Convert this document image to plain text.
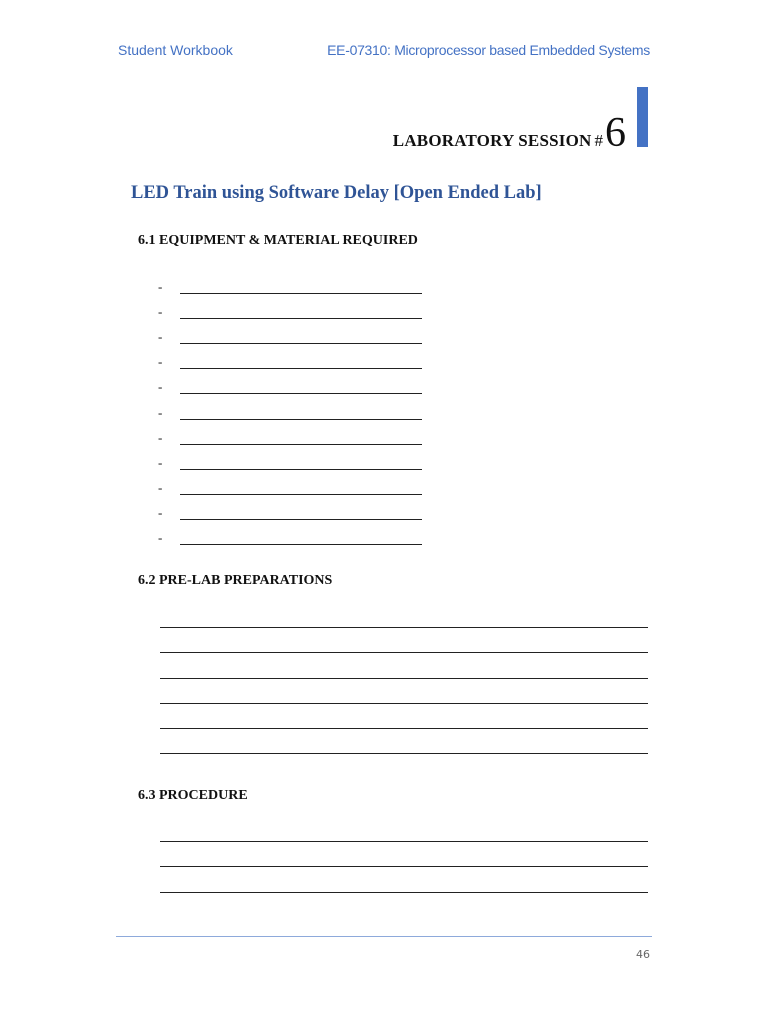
Student Workbook	EE-07310: Microprocessor based Embedded Systems
LABORATORY SESSION # 6
LED Train using Software Delay [Open Ended Lab]
6.1 EQUIPMENT & MATERIAL REQUIRED
-
-
-
-
-
-
-
-
-
-
-
6.2 PRE-LAB PREPARATIONS
6.3 PROCEDURE
46
